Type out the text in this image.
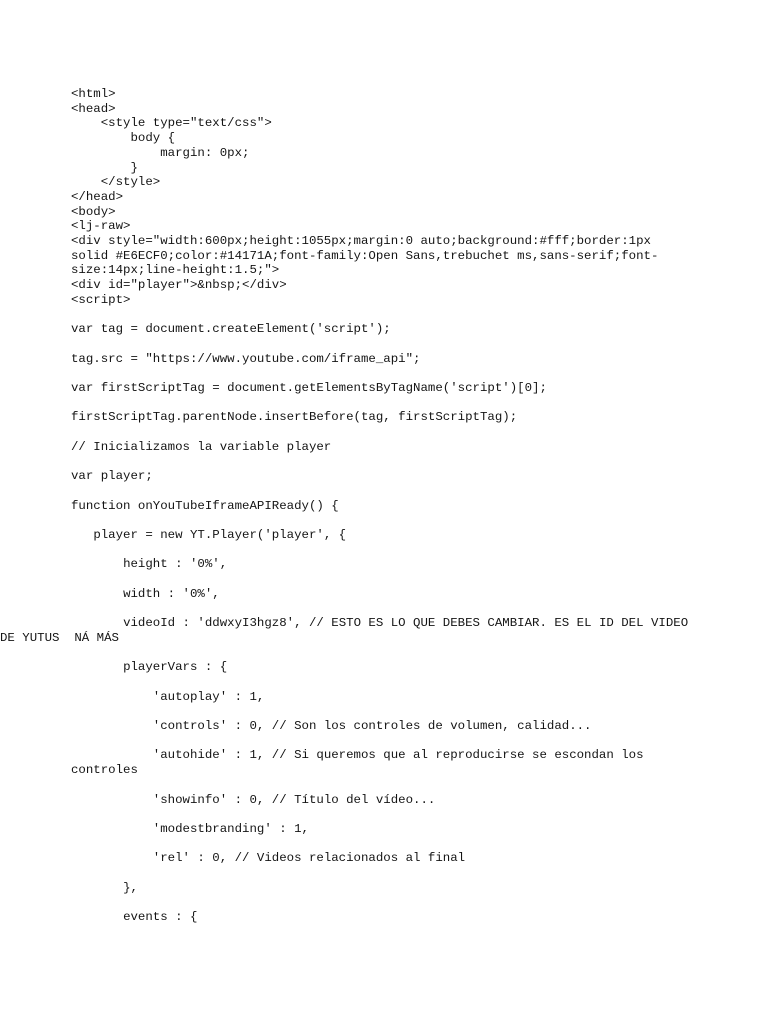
<html>
<head>
<style type="text/css">
body {
margin: 0px;
}
</style>
</head>
<body>
<lj-raw>
<div style="width:600px;height:1055px;margin:0 auto;background:#fff;border:1px
solid #E6ECF0;color:#14171A;font-family:Open Sans,trebuchet ms,sans-serif;font-
size:14px;line-height:1.5;">
<div id="player">&nbsp;</div>
<script>
var tag = document.createElement('script');
tag.src = "https://www.youtube.com/iframe_api";
var firstScriptTag = document.getElementsByTagName('script')[0];
firstScriptTag.parentNode.insertBefore(tag, firstScriptTag);
// Inicializamos la variable player
var player;
function onYouTubeIframeAPIReady() {
player = new YT.Player('player', {
height : '0%',
width : '0%',
videoId : 'ddwxyI3hgz8', // ESTO ES LO QUE DEBES CAMBIAR. ES EL ID DEL VIDEO
DE YUTUS  NÁ MÁS
playerVars : {
'autoplay' : 1,
'controls' : 0, // Son los controles de volumen, calidad...
'autohide' : 1, // Si queremos que al reproducirse se escondan los
controles
'showinfo' : 0, // Título del vídeo...
'modestbranding' : 1,
'rel' : 0, // Videos relacionados al final
},
events : {
